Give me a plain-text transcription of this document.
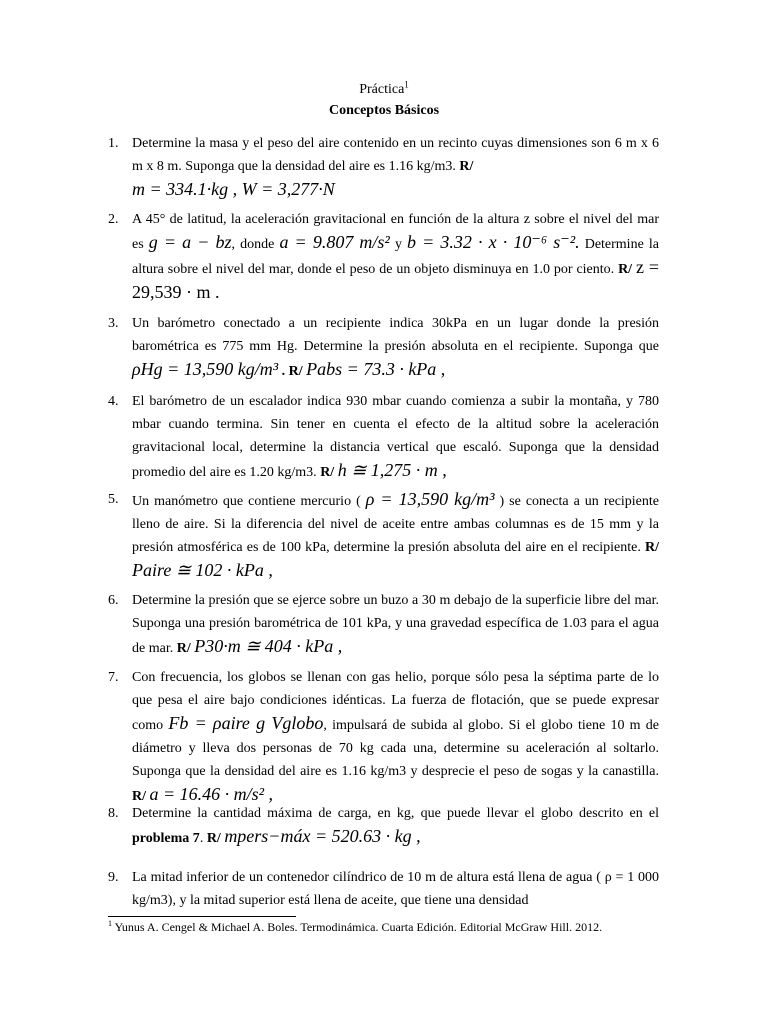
Práctica$^1$
Conceptos Básicos
1. Determine la masa y el peso del aire contenido en un recinto cuyas dimensiones son 6 m x 6 m x 8 m. Suponga que la densidad del aire es 1.16 kg/m3. R/
m = 334.1·kg , W = 3,277·N
2. A 45° de latitud, la aceleración gravitacional en función de la altura z sobre el nivel del mar es g = a − bz, donde a = 9.807 m/s² y b = 3.32 · x · 10⁻⁶ s⁻². Determine la altura sobre el nivel del mar, donde el peso de un objeto disminuya en 1.0 por ciento. R/ z = 29,539 · m .
3. Un barómetro conectado a un recipiente indica 30kPa en un lugar donde la presión barométrica es 775 mm Hg. Determine la presión absoluta en el recipiente. Suponga que ρHg = 13,590 kg/m³ . R/ Pabs = 73.3 · kPa ,
4. El barómetro de un escalador indica 930 mbar cuando comienza a subir la montaña, y 780 mbar cuando termina. Sin tener en cuenta el efecto de la altitud sobre la aceleración gravitacional local, determine la distancia vertical que escaló. Suponga que la densidad promedio del aire es 1.20 kg/m3. R/ h ≅ 1,275 · m ,
5. Un manómetro que contiene mercurio ( ρ = 13,590 kg/m³ ) se conecta a un recipiente lleno de aire. Si la diferencia del nivel de aceite entre ambas columnas es de 15 mm y la presión atmosférica es de 100 kPa, determine la presión absoluta del aire en el recipiente. R/ Paire ≅ 102 · kPa ,
6. Determine la presión que se ejerce sobre un buzo a 30 m debajo de la superficie libre del mar. Suponga una presión barométrica de 101 kPa, y una gravedad específica de 1.03 para el agua de mar. R/ P30·m ≅ 404 · kPa ,
7. Con frecuencia, los globos se llenan con gas helio, porque sólo pesa la séptima parte de lo que pesa el aire bajo condiciones idénticas. La fuerza de flotación, que se puede expresar como Fb = ρaire g Vglobo, impulsará de subida al globo. Si el globo tiene 10 m de diámetro y lleva dos personas de 70 kg cada una, determine su aceleración al soltarlo. Suponga que la densidad del aire es 1.16 kg/m3 y desprecie el peso de sogas y la canastilla. R/ a = 16.46 · m/s² ,
8. Determine la cantidad máxima de carga, en kg, que puede llevar el globo descrito en el problema 7. R/ mpers−máx = 520.63 · kg ,
9. La mitad inferior de un contenedor cilíndrico de 10 m de altura está llena de agua ( ρ = 1 000 kg/m3), y la mitad superior está llena de aceite, que tiene una densidad
$^1$ Yunus A. Cengel & Michael A. Boles. Termodinámica. Cuarta Edición. Editorial McGraw Hill. 2012.
